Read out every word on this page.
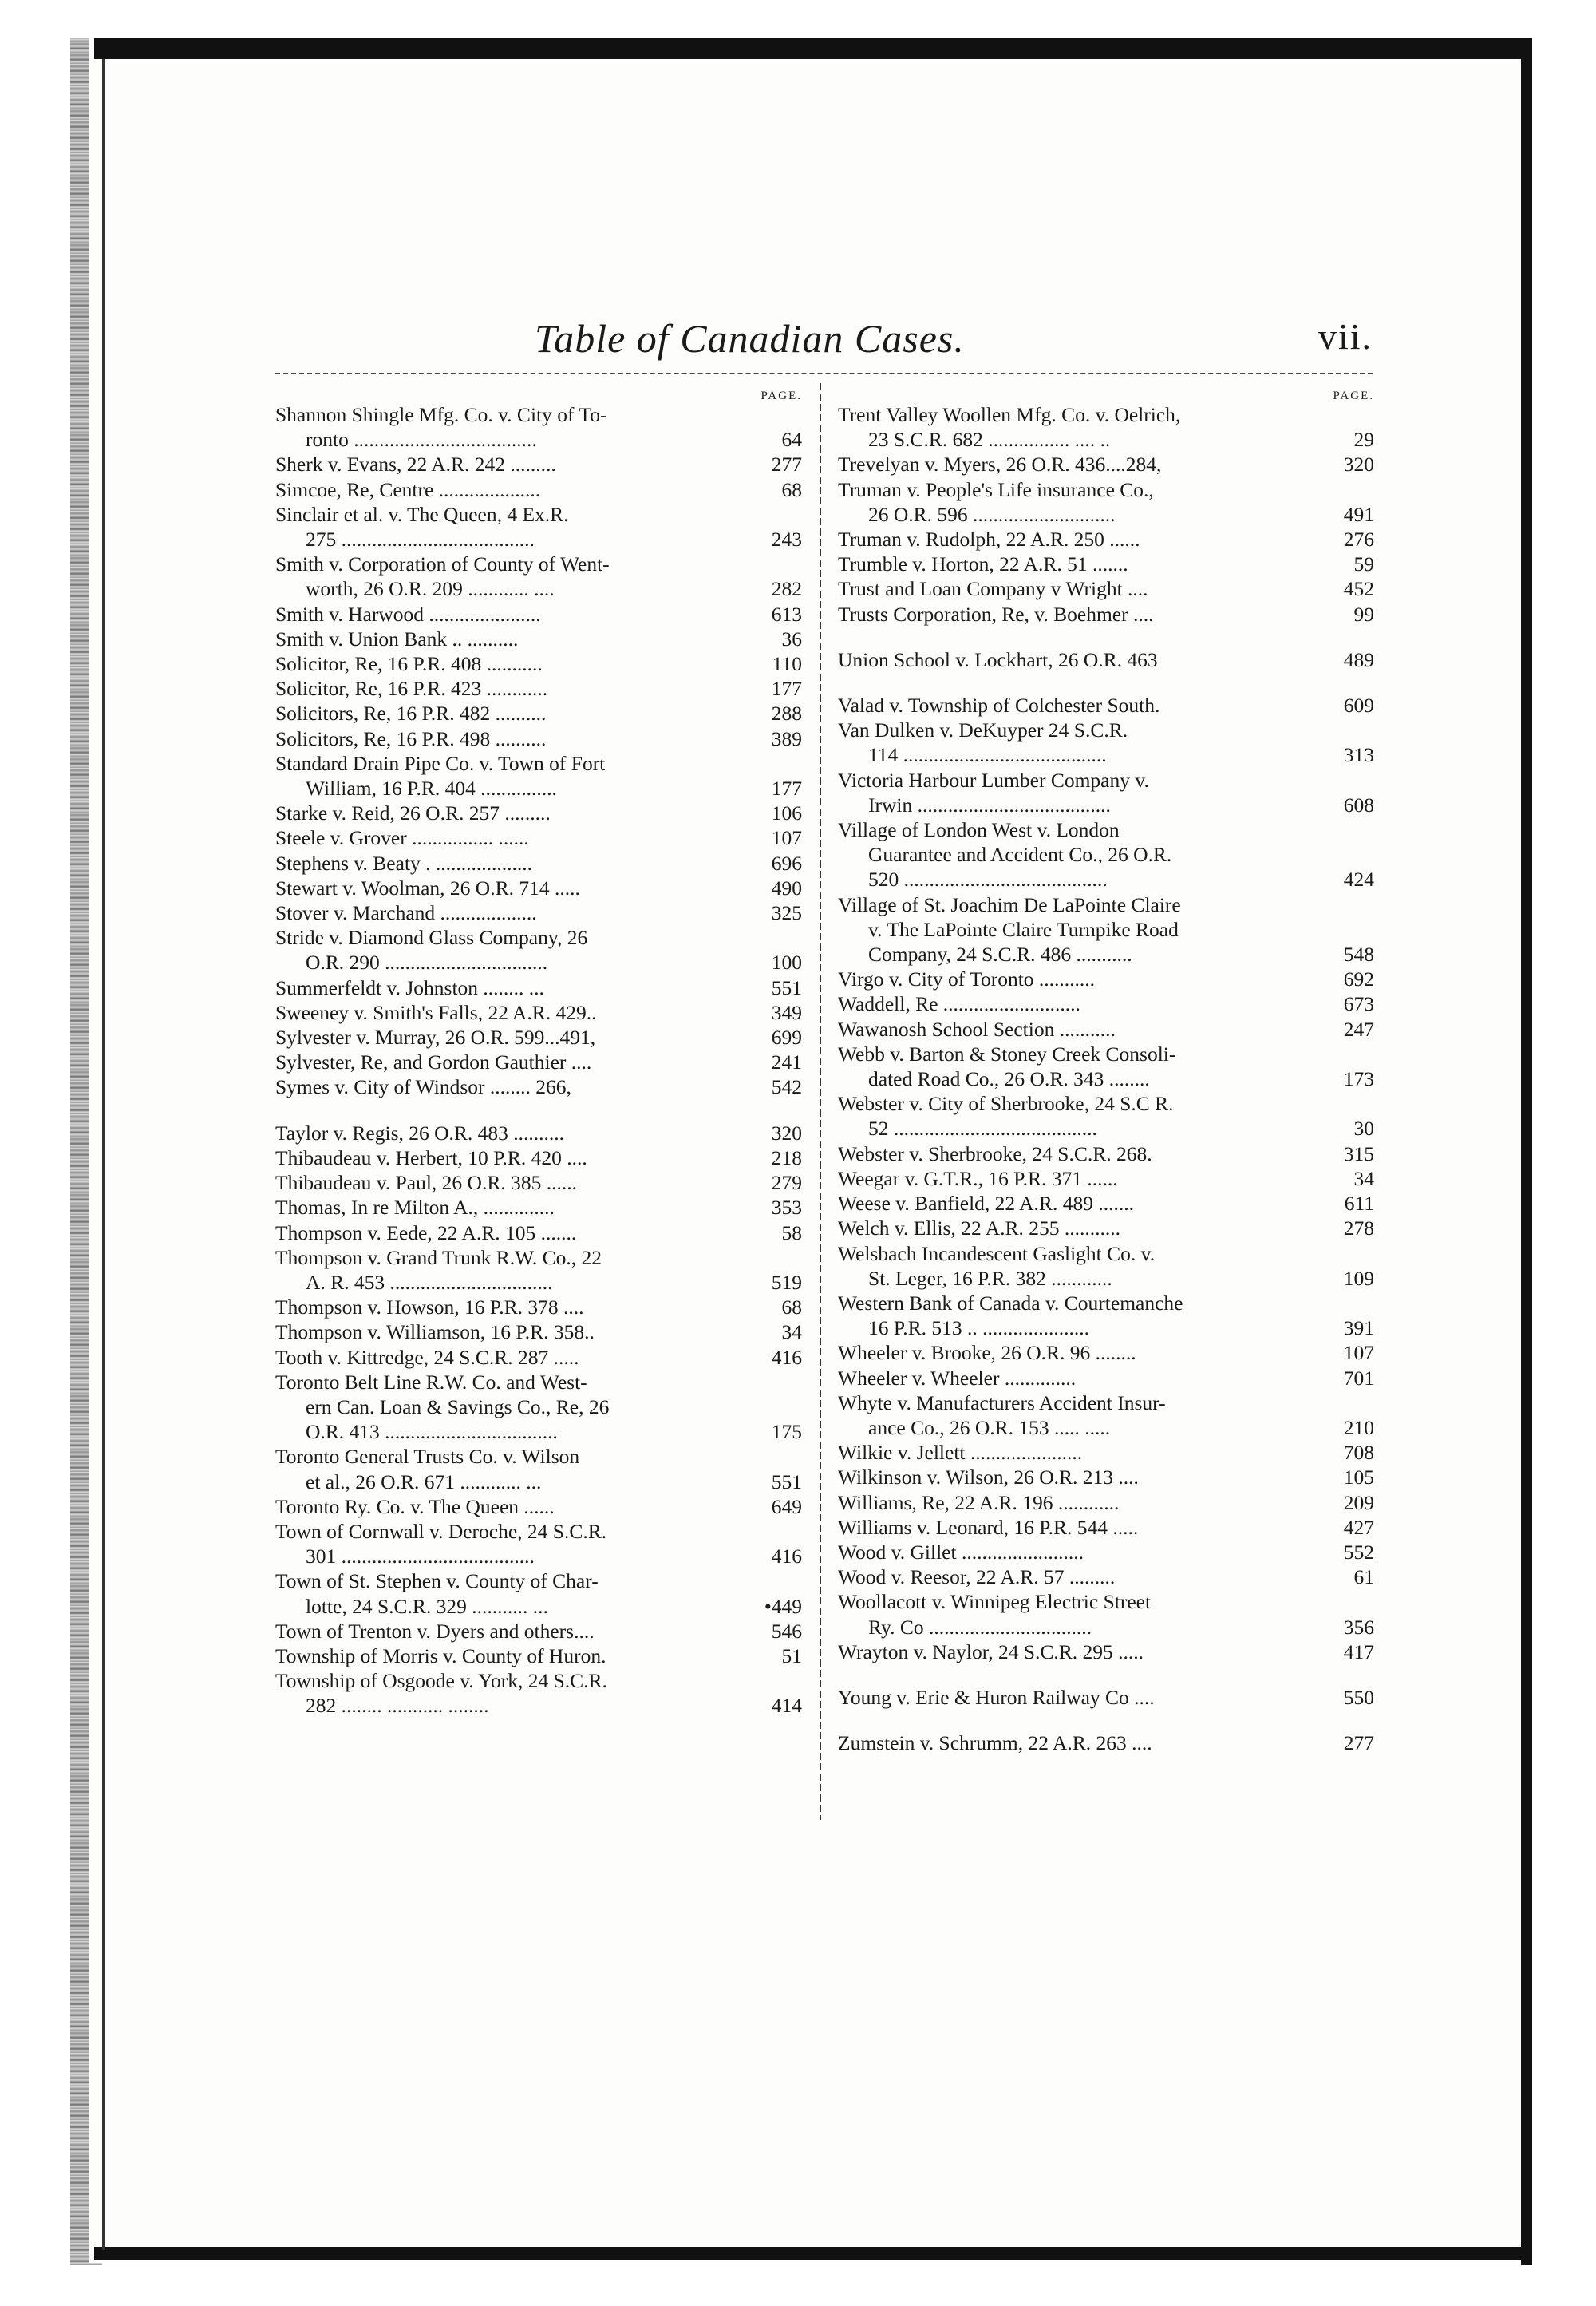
Table of Canadian Cases.	vii.
PAGE.
Shannon Shingle Mfg. Co. v. City of To-
ronto ....................................	64
Sherk v. Evans, 22 A.R. 242 .........	277
Simcoe, Re, Centre ....................	68
Sinclair et al. v. The Queen, 4 Ex.R.
275 ......................................	243
Smith v. Corporation of County of Went-
worth, 26 O.R. 209 ............ ....	282
Smith v. Harwood ......................	613
Smith v. Union Bank .. ..........	36
Solicitor, Re, 16 P.R. 408 ...........	110
Solicitor, Re, 16 P.R. 423 ............	177
Solicitors, Re, 16 P.R. 482 ..........	288
Solicitors, Re, 16 P.R. 498 ..........	389
Standard Drain Pipe Co. v. Town of Fort
William, 16 P.R. 404 ...............	177
Starke v. Reid, 26 O.R. 257 .........	106
Steele v. Grover ................ ......	107
Stephens v. Beaty . ...................	696
Stewart v. Woolman, 26 O.R. 714 .....	490
Stover v. Marchand ...................	325
Stride v. Diamond Glass Company, 26
O.R. 290 ................................	100
Summerfeldt v. Johnston ........ ...	551
Sweeney v. Smith's Falls, 22 A.R. 429..	349
Sylvester v. Murray, 26 O.R. 599...491,	699
Sylvester, Re, and Gordon Gauthier ....	241
Symes v. City of Windsor ........ 266,	542
Taylor v. Regis, 26 O.R. 483 ..........	320
Thibaudeau v. Herbert, 10 P.R. 420 ....	218
Thibaudeau v. Paul, 26 O.R. 385 ......	279
Thomas, In re Milton A., ..............	353
Thompson v. Eede, 22 A.R. 105 .......	58
Thompson v. Grand Trunk R.W. Co., 22
A. R. 453 ................................	519
Thompson v. Howson, 16 P.R. 378 ....	68
Thompson v. Williamson, 16 P.R. 358..	34
Tooth v. Kittredge, 24 S.C.R. 287 .....	416
Toronto Belt Line R.W. Co. and West-
ern Can. Loan & Savings Co., Re, 26
O.R. 413 ..................................	175
Toronto General Trusts Co. v. Wilson
et al., 26 O.R. 671 ............ ...	551
Toronto Ry. Co. v. The Queen ......	649
Town of Cornwall v. Deroche, 24 S.C.R.
301 ......................................	416
Town of St. Stephen v. County of Char-
lotte, 24 S.C.R. 329 ........... ...	•449
Town of Trenton v. Dyers and others....	546
Township of Morris v. County of Huron.	51
Township of Osgoode v. York, 24 S.C.R.
282 ........ ........... ........	414
PAGE.
Trent Valley Woollen Mfg. Co. v. Oelrich,
23 S.C.R. 682 ................ .... ..	29
Trevelyan v. Myers, 26 O.R. 436....284,	320
Truman v. People's Life insurance Co.,
26 O.R. 596 ............................	491
Truman v. Rudolph, 22 A.R. 250 ......	276
Trumble v. Horton, 22 A.R. 51 .......	59
Trust and Loan Company v Wright ....	452
Trusts Corporation, Re, v. Boehmer ....	99
Union School v. Lockhart, 26 O.R. 463	489
Valad v. Township of Colchester South.	609
Van Dulken v. DeKuyper 24 S.C.R.
114 ........................................	313
Victoria Harbour Lumber Company v.
Irwin ......................................	608
Village of London West v. London
Guarantee and Accident Co., 26 O.R.
520 ........................................	424
Village of St. Joachim De LaPointe Claire
v. The LaPointe Claire Turnpike Road
Company, 24 S.C.R. 486 ...........	548
Virgo v. City of Toronto ...........	692
Waddell, Re ...........................	673
Wawanosh School Section ...........	247
Webb v. Barton & Stoney Creek Consoli-
dated Road Co., 26 O.R. 343 ........	173
Webster v. City of Sherbrooke, 24 S.C R.
52 ........................................	30
Webster v. Sherbrooke, 24 S.C.R. 268.	315
Weegar v. G.T.R., 16 P.R. 371 ......	34
Weese v. Banfield, 22 A.R. 489 .......	611
Welch v. Ellis, 22 A.R. 255 ...........	278
Welsbach Incandescent Gaslight Co. v.
St. Leger, 16 P.R. 382 ............	109
Western Bank of Canada v. Courtemanche
16 P.R. 513 .. .....................	391
Wheeler v. Brooke, 26 O.R. 96 ........	107
Wheeler v. Wheeler ..............	701
Whyte v. Manufacturers Accident Insur-
ance Co., 26 O.R. 153 ..... .....	210
Wilkie v. Jellett ......................	708
Wilkinson v. Wilson, 26 O.R. 213 ....	105
Williams, Re, 22 A.R. 196 ............	209
Williams v. Leonard, 16 P.R. 544 .....	427
Wood v. Gillet ........................	552
Wood v. Reesor, 22 A.R. 57 .........	61
Woollacott v. Winnipeg Electric Street
Ry. Co ................................	356
Wrayton v. Naylor, 24 S.C.R. 295 .....	417
Young v. Erie & Huron Railway Co ....	550
Zumstein v. Schrumm, 22 A.R. 263 ....	277
